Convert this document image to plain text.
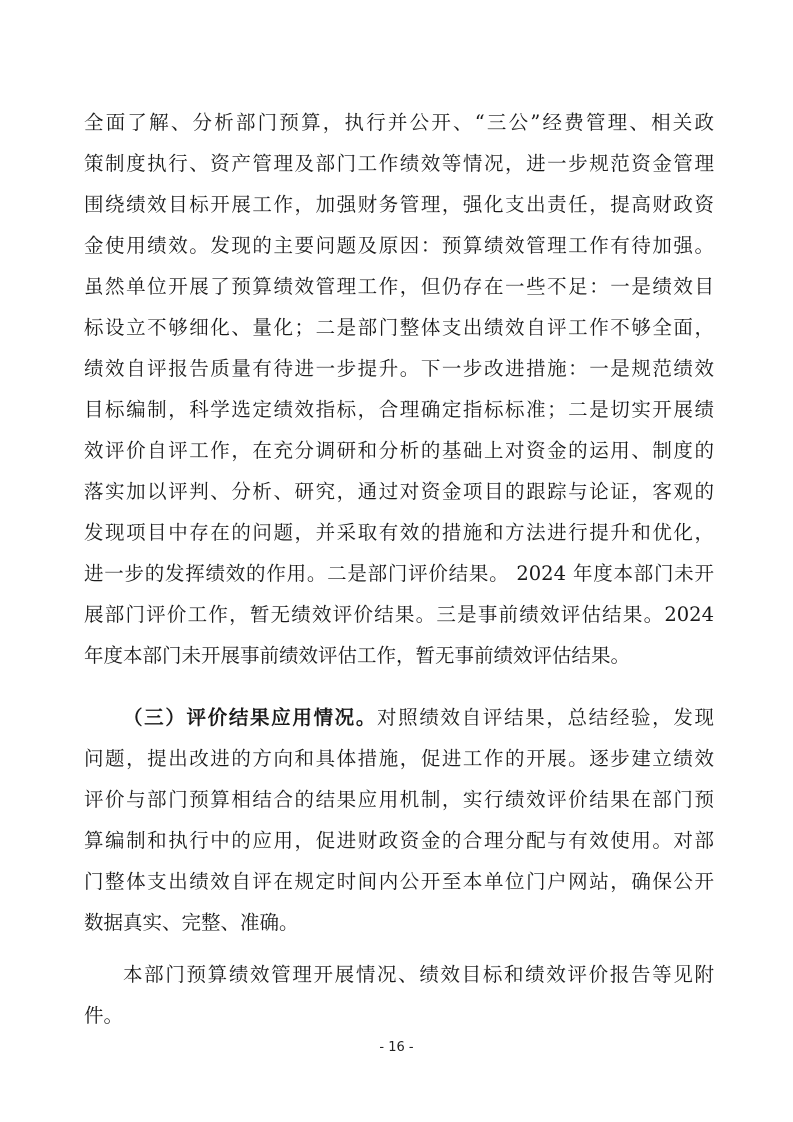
全面了解、分析部门预算，执行并公开、“三公”经费管理、相关政
策制度执行、资产管理及部门工作绩效等情况，进一步规范资金管理
围绕绩效目标开展工作，加强财务管理，强化支出责任，提高财政资
金使用绩效。发现的主要问题及原因：预算绩效管理工作有待加强。
虽然单位开展了预算绩效管理工作，但仍存在一些不足：一是绩效目
标设立不够细化、量化；二是部门整体支出绩效自评工作不够全面，
绩效自评报告质量有待进一步提升。下一步改进措施：一是规范绩效
目标编制，科学选定绩效指标，合理确定指标标准；二是切实开展绩
效评价自评工作，在充分调研和分析的基础上对资金的运用、制度的
落实加以评判、分析、研究，通过对资金项目的跟踪与论证，客观的
发现项目中存在的问题，并采取有效的措施和方法进行提升和优化，
进一步的发挥绩效的作用。二是部门评价结果。 2024 年度本部门未开
展部门评价工作，暂无绩效评价结果。三是事前绩效评估结果。2024
年度本部门未开展事前绩效评估工作，暂无事前绩效评估结果。
（三）评价结果应用情况。对照绩效自评结果，总结经验，发现
问题，提出改进的方向和具体措施，促进工作的开展。逐步建立绩效
评价与部门预算相结合的结果应用机制，实行绩效评价结果在部门预
算编制和执行中的应用，促进财政资金的合理分配与有效使用。对部
门整体支出绩效自评在规定时间内公开至本单位门户网站，确保公开
数据真实、完整、准确。
本部门预算绩效管理开展情况、绩效目标和绩效评价报告等见附
件。
- 16 -
